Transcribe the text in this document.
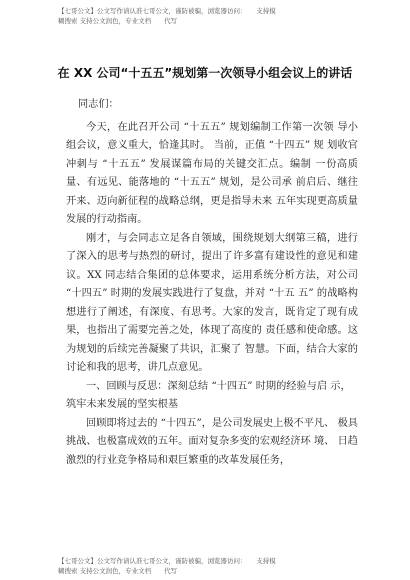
【七哥公文】公文写作请认准七哥公文，谨防被骗，浏览器访问：　　支持模
糊搜索 支持公文润色，专业文档　　代写
在 XX 公司“十五五”规划第一次领导小组会议上的讲话

同志们：

今天，在此召开公司 “十五五” 规划编制工作第一次领 导小组会议，意义重大，恰逢其时。 当前，正值 “十四五” 规 划收官冲刺与 “十五五” 发展谋篇布局的关键交汇点。编制 一份高质量、有远见、能落地的 “十五五” 规划，是公司承 前启后、继往开来、迈向新征程的战略总纲，更是指导未来 五年实现更高质量发展的行动指南。

刚才，与会同志立足各自领域，围绕规划大纲第三稿，进行了深入的思考与热烈的研讨，提出了许多富有建设性的意见和建议。XX 同志结合集团的总体要求，运用系统分析方法，对公司 “十四五” 时期的发展实践进行了复盘，并对 “十五 五” 的战略构想进行了阐述，有深度、有思考。大家的发言，既肯定了现有成果，也指出了需要完善之处，体现了高度的 责任感和使命感。这为规划的后续完善凝聚了共识，汇聚了 智慧。下面，结合大家的讨论和我的思考，讲几点意见。

一、回顾与反思：深刻总结 “十四五” 时期的经验与启 示，筑牢未来发展的坚实根基

回顾即将过去的 “十四五”，是公司发展史上极不平凡、 极具挑战、也极富成效的五年。面对复杂多变的宏观经济环 境、 日趋激烈的行业竞争格局和艰巨繁重的改革发展任务，

【七哥公文】公文写作请认准七哥公文，谨防被骗，浏览器访问：　　支持模
糊搜索 支持公文润色，专业文档　　代写
